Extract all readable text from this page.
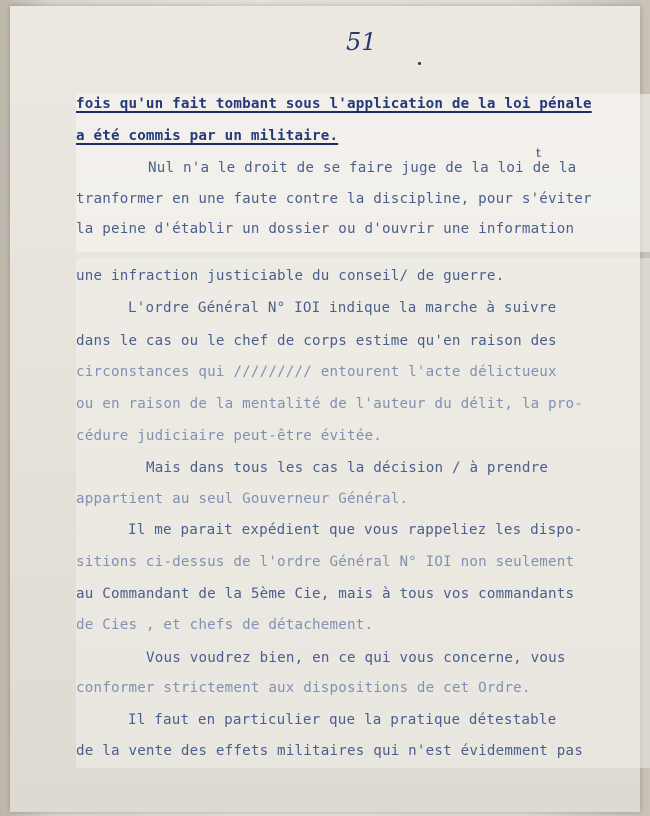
51
t
fois qu'un fait tombant sous l'application de la loi pénale
a été commis par un militaire.
Nul n'a le droit de se faire juge de la loi de la
tranformer en une faute contre la discipline, pour s'éviter
la peine d'établir un dossier ou d'ouvrir une information
une infraction justiciable du conseil/ de guerre.
L'ordre Général N° IOI indique la marche à suivre
dans le cas ou le chef de corps estime qu'en raison des
circonstances qui ///////// entourent l'acte délictueux
ou en raison de la mentalité de l'auteur du délit, la pro-
cédure judiciaire peut-être évitée.
Mais dans tous les cas la décision / à prendre
appartient au seul Gouverneur Général.
Il me parait expédient que vous rappeliez les dispo-
sitions ci-dessus de l'ordre Général N° IOI non seulement
au Commandant de la 5ème Cie, mais à tous vos commandants
de Cies , et chefs de détachement.
Vous voudrez bien, en ce qui vous concerne, vous
conformer strictement aux dispositions de cet Ordre.
Il faut en particulier que la pratique détestable
de la vente des effets militaires qui n'est évidemment pas
